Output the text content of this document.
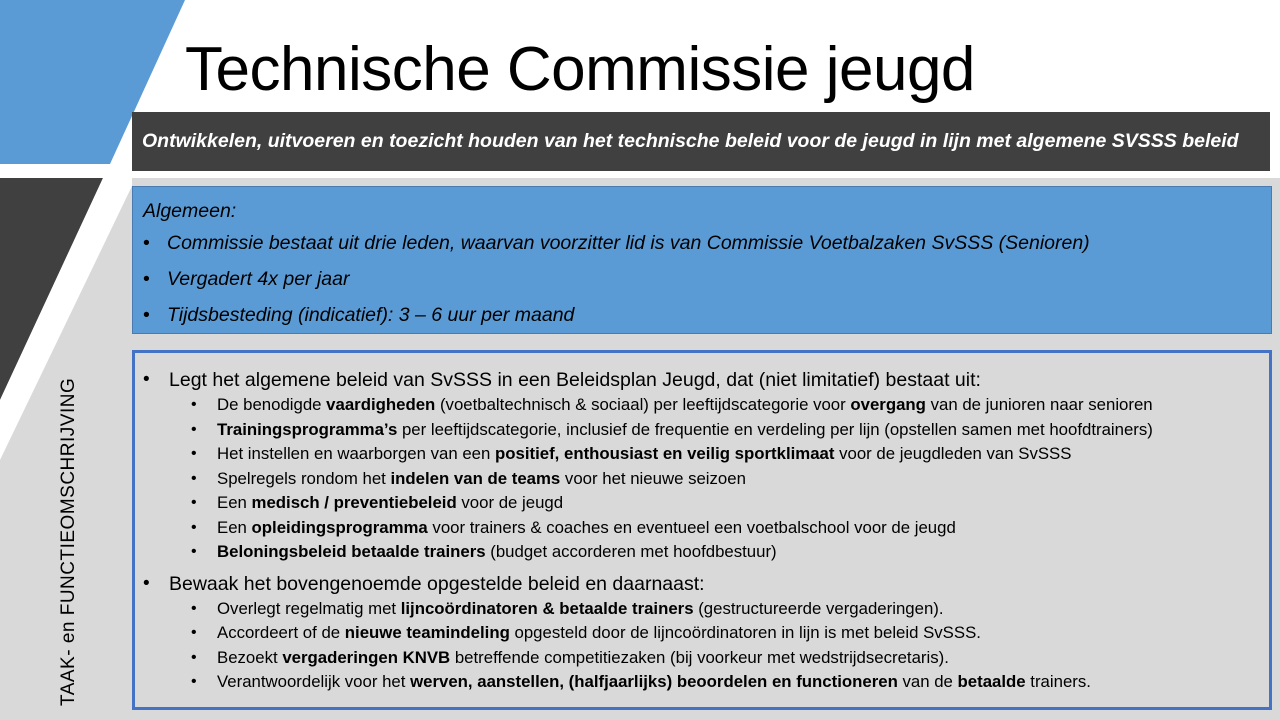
Technische Commissie jeugd
Ontwikkelen, uitvoeren en toezicht houden van het technische beleid voor de jeugd in lijn met algemene SVSSS beleid
TAAK- en FUNCTIEOMSCHRIJVING
Algemeen:
• Commissie bestaat uit drie leden, waarvan voorzitter lid is van Commissie Voetbalzaken SvSSS (Senioren)
• Vergadert 4x per jaar
• Tijdsbesteding (indicatief): 3 – 6 uur per maand
• Legt het algemene beleid van SvSSS in een Beleidsplan Jeugd, dat (niet limitatief) bestaat uit:
• De benodigde vaardigheden (voetbaltechnisch & sociaal) per leeftijdscategorie voor overgang van de junioren naar senioren
• Trainingsprogramma’s per leeftijdscategorie, inclusief de frequentie en verdeling per lijn (opstellen samen met hoofdtrainers)
• Het instellen en waarborgen van een positief, enthousiast en veilig sportklimaat voor de jeugdleden van SvSSS
• Spelregels rondom het indelen van de teams voor het nieuwe seizoen
• Een medisch / preventiebeleid voor de jeugd
• Een opleidingsprogramma voor trainers & coaches en eventueel een voetbalschool voor de jeugd
• Beloningsbeleid betaalde trainers (budget accorderen met hoofdbestuur)
• Bewaak het bovengenoemde opgestelde beleid en daarnaast:
• Overlegt regelmatig met lijncoördinatoren & betaalde trainers (gestructureerde vergaderingen).
• Accordeert of de nieuwe teamindeling opgesteld door de lijncoördinatoren in lijn is met beleid SvSSS.
• Bezoekt vergaderingen KNVB betreffende competitiezaken (bij voorkeur met wedstrijdsecretaris).
• Verantwoordelijk voor het werven, aanstellen, (halfjaarlijks) beoordelen en functioneren van de betaalde trainers.
